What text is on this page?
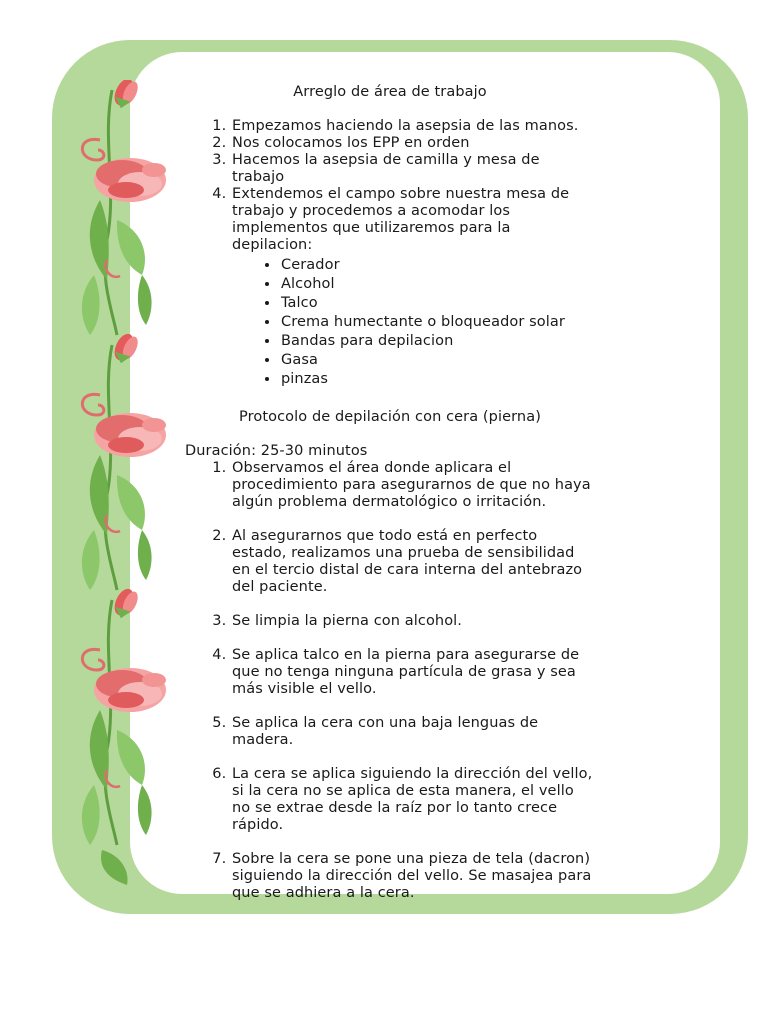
Arreglo de área de trabajo
1. Empezamos haciendo la asepsia de las manos.
2. Nos colocamos los EPP en orden
3. Hacemos la asepsia de camilla y mesa de trabajo
4. Extendemos el campo sobre nuestra mesa de trabajo y procedemos a acomodar los implementos que utilizaremos para la depilacion:
• Cerador
• Alcohol
• Talco
• Crema humectante o bloqueador solar
• Bandas para depilacion
• Gasa
• pinzas
Protocolo de depilación con cera (pierna)
Duración: 25-30 minutos
1. Observamos el área donde aplicara el procedimiento para asegurarnos de que no haya algún problema dermatológico o irritación.
2. Al asegurarnos que todo está en perfecto estado, realizamos una prueba de sensibilidad en el tercio distal de cara interna del antebrazo del paciente.
3. Se limpia la pierna con alcohol.
4. Se aplica talco en la pierna para asegurarse de que no tenga ninguna partícula de grasa y sea más visible el vello.
5. Se aplica la cera con una baja lenguas de madera.
6. La cera se aplica siguiendo la dirección del vello, si la cera no se aplica de esta manera, el vello no se extrae desde la raíz por lo tanto crece rápido.
7. Sobre la cera se pone una pieza de tela (dacron) siguiendo la dirección del vello. Se masajea para que se adhiera a la cera.
